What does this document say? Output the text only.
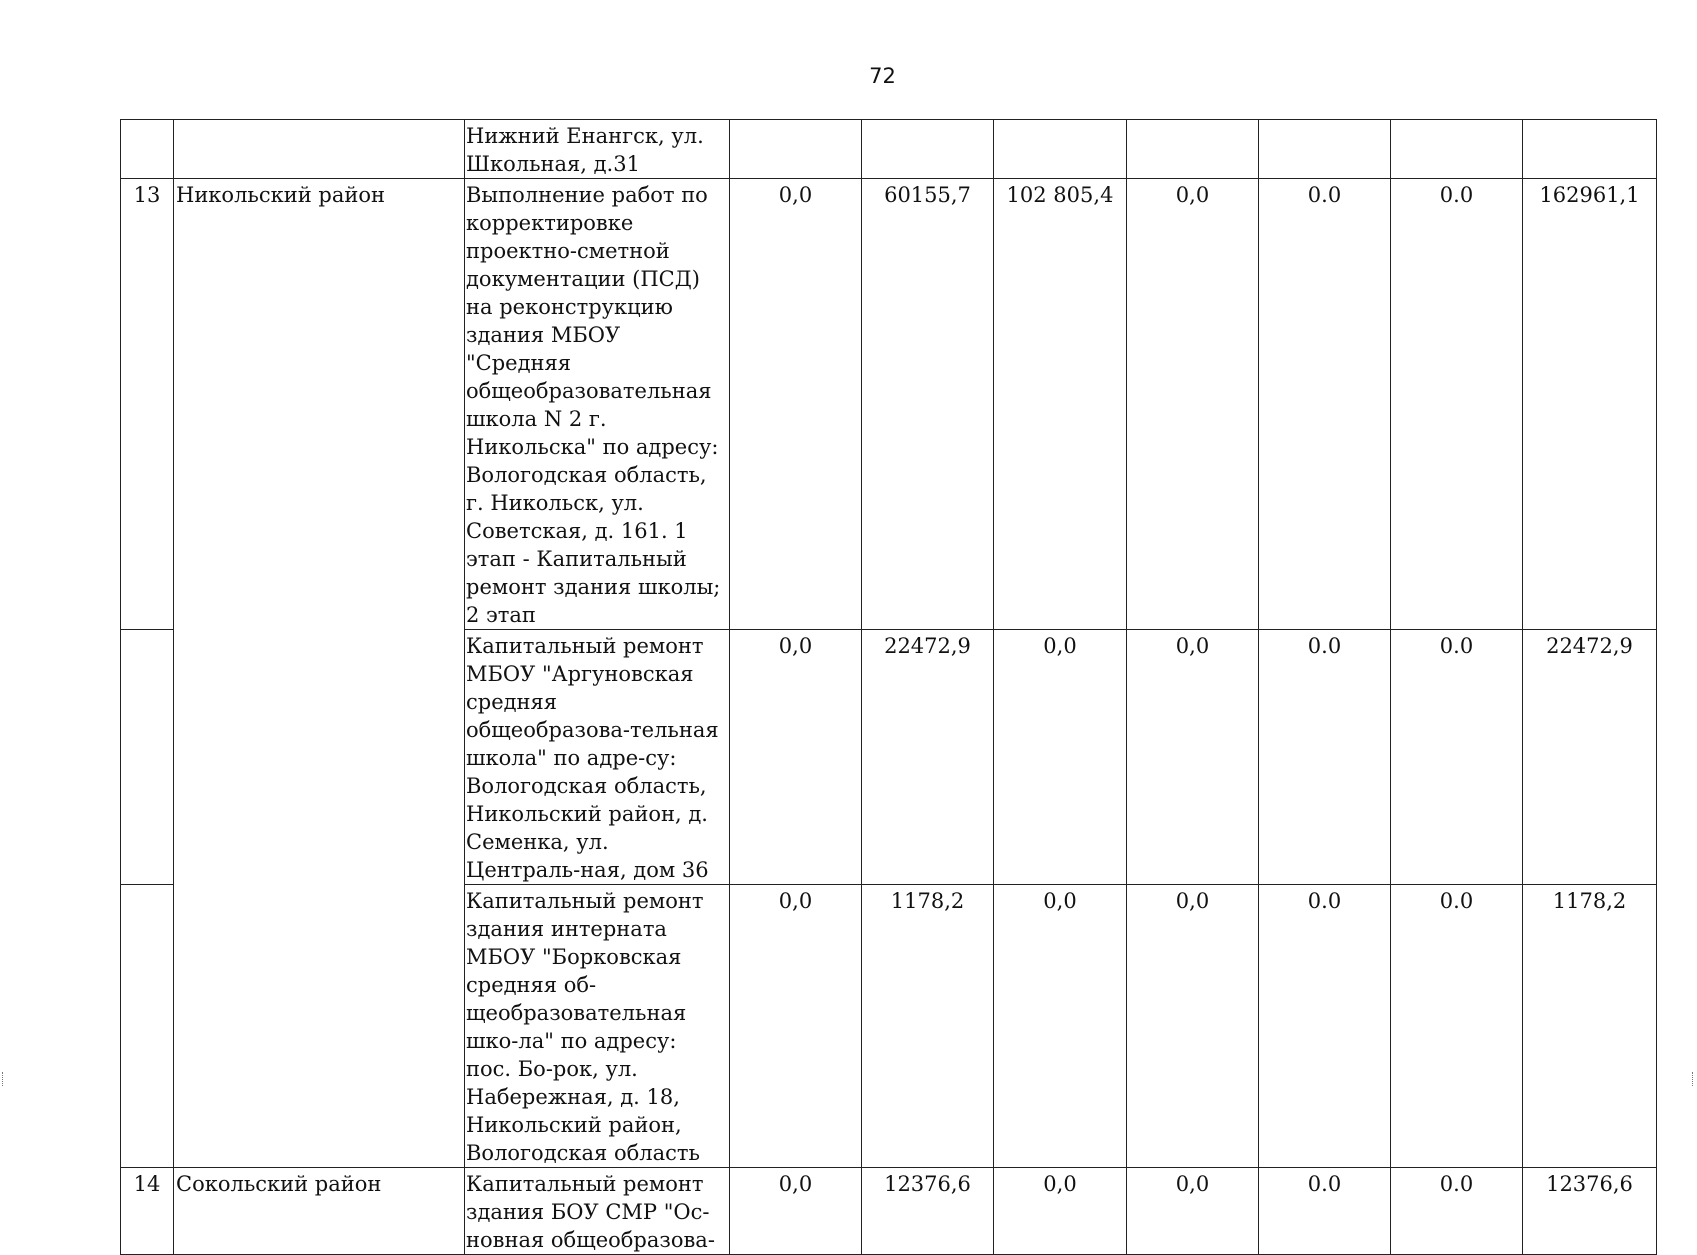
72
		Нижний Енангск, ул. Школьная, д.31							
13	Никольский район	Выполнение работ по корректировке проектно-сметной документации (ПСД) на реконструкцию здания МБОУ "Средняя общеобразовательная школа N 2 г. Никольска" по адресу: Вологодская область, г. Никольск, ул. Советская, д. 161. 1 этап - Капитальный ремонт здания школы; 2 этап	0,0	60155,7	102 805,4	0,0	0.0	0.0	162961,1
		Капитальный ремонт МБОУ "Аргуновская средняя общеобразова-тельная школа" по адре-су: Вологодская область, Никольский район, д. Семенка, ул. Централь-ная, дом 36	0,0	22472,9	0,0	0,0	0.0	0.0	22472,9
		Капитальный ремонт здания интерната МБОУ "Борковская средняя об-щеобразовательная шко-ла" по адресу: пос. Бо-рок, ул. Набережная, д. 18, Никольский район, Вологодская область	0,0	1178,2	0,0	0,0	0.0	0.0	1178,2
14	Сокольский район	Капитальный ремонт здания БОУ СМР "Ос-новная общеобразова-	0,0	12376,6	0,0	0,0	0.0	0.0	12376,6
